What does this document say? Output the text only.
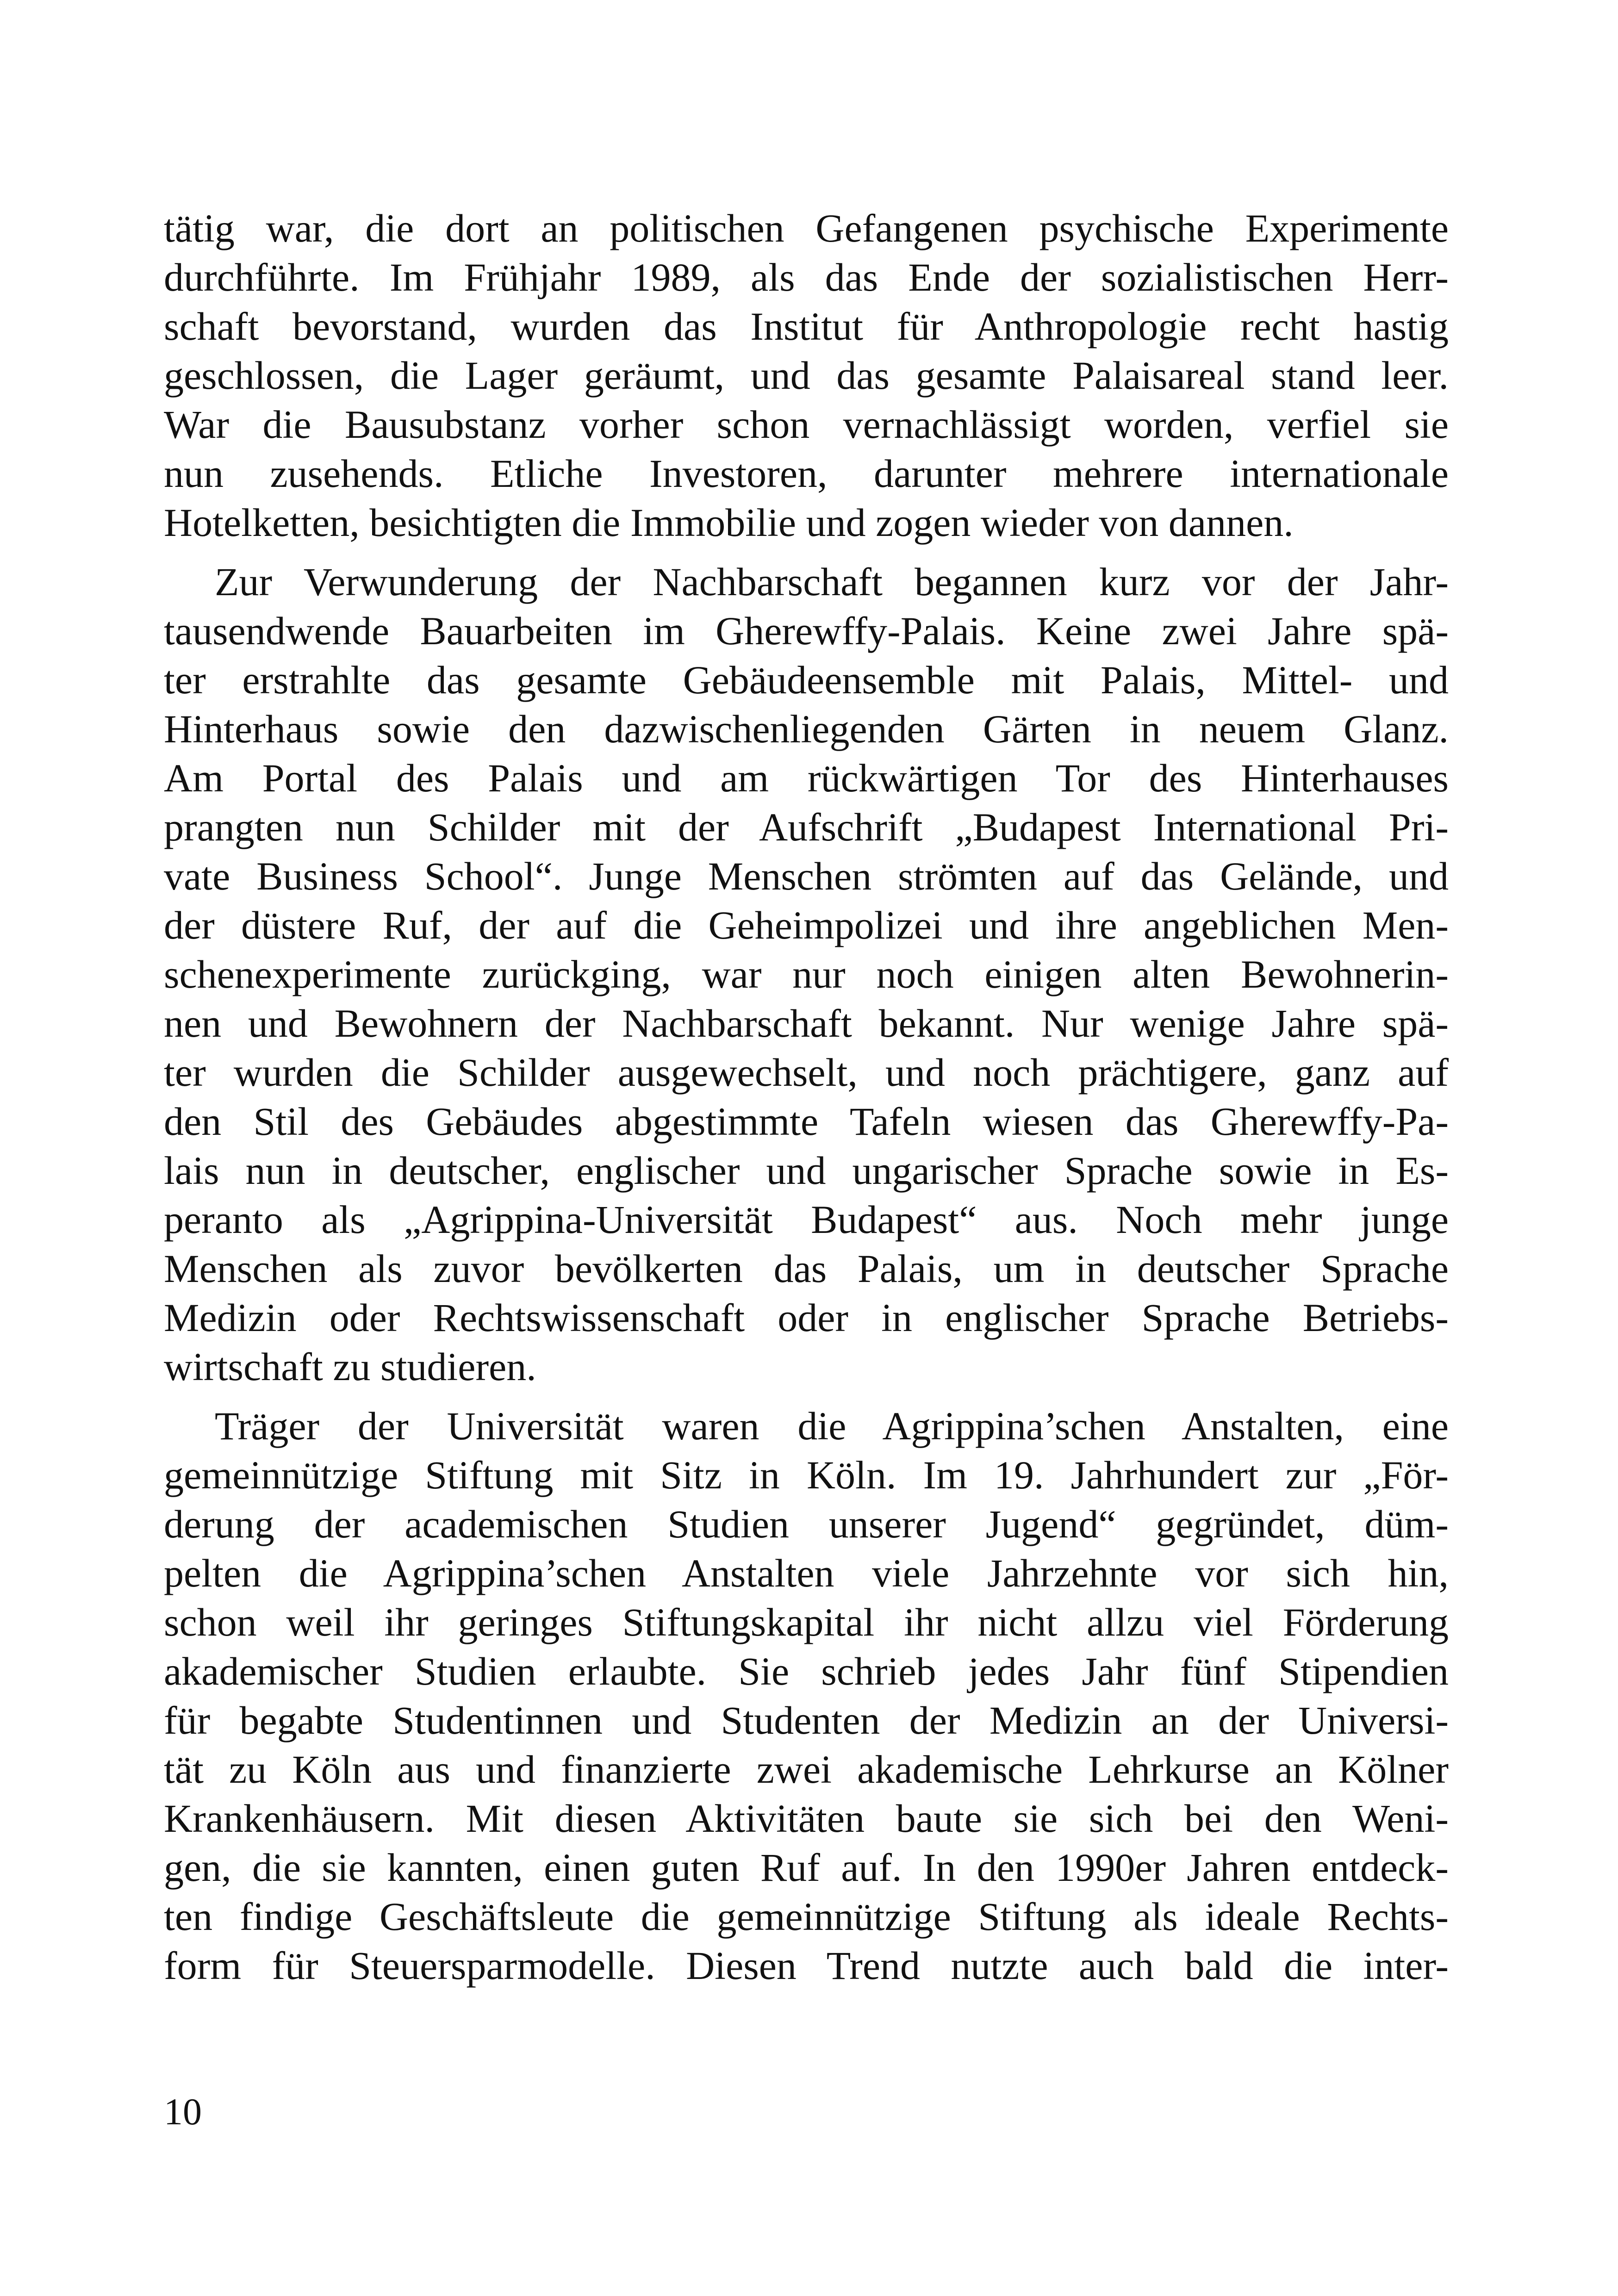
tätig war, die dort an politischen Gefangenen psychische Experimente
durchführte. Im Frühjahr 1989, als das Ende der sozialistischen Herr-
schaft bevorstand, wurden das Institut für Anthropologie recht hastig
geschlossen, die Lager geräumt, und das gesamte Palaisareal stand leer.
War die Bausubstanz vorher schon vernachlässigt worden, verfiel sie
nun zusehends. Etliche Investoren, darunter mehrere internationale
Hotelketten, besichtigten die Immobilie und zogen wieder von dannen.
Zur Verwunderung der Nachbarschaft begannen kurz vor der Jahr-
tausendwende Bauarbeiten im Gherewffy-Palais. Keine zwei Jahre spä-
ter erstrahlte das gesamte Gebäudeensemble mit Palais, Mittel- und
Hinterhaus sowie den dazwischenliegenden Gärten in neuem Glanz.
Am Portal des Palais und am rückwärtigen Tor des Hinterhauses
prangten nun Schilder mit der Aufschrift „Budapest International Pri-
vate Business School“. Junge Menschen strömten auf das Gelände, und
der düstere Ruf, der auf die Geheimpolizei und ihre angeblichen Men-
schenexperimente zurückging, war nur noch einigen alten Bewohnerin-
nen und Bewohnern der Nachbarschaft bekannt. Nur wenige Jahre spä-
ter wurden die Schilder ausgewechselt, und noch prächtigere, ganz auf
den Stil des Gebäudes abgestimmte Tafeln wiesen das Gherewffy-Pa-
lais nun in deutscher, englischer und ungarischer Sprache sowie in Es-
peranto als „Agrippina-Universität Budapest“ aus. Noch mehr junge
Menschen als zuvor bevölkerten das Palais, um in deutscher Sprache
Medizin oder Rechtswissenschaft oder in englischer Sprache Betriebs-
wirtschaft zu studieren.
Träger der Universität waren die Agrippina’schen Anstalten, eine
gemeinnützige Stiftung mit Sitz in Köln. Im 19. Jahrhundert zur „För-
derung der academischen Studien unserer Jugend“ gegründet, düm-
pelten die Agrippina’schen Anstalten viele Jahrzehnte vor sich hin,
schon weil ihr geringes Stiftungskapital ihr nicht allzu viel Förderung
akademischer Studien erlaubte. Sie schrieb jedes Jahr fünf Stipendien
für begabte Studentinnen und Studenten der Medizin an der Universi-
tät zu Köln aus und finanzierte zwei akademische Lehrkurse an Kölner
Krankenhäusern. Mit diesen Aktivitäten baute sie sich bei den Weni-
gen, die sie kannten, einen guten Ruf auf. In den 1990er Jahren entdeck-
ten findige Geschäftsleute die gemeinnützige Stiftung als ideale Rechts-
form für Steuersparmodelle. Diesen Trend nutzte auch bald die inter-
10
